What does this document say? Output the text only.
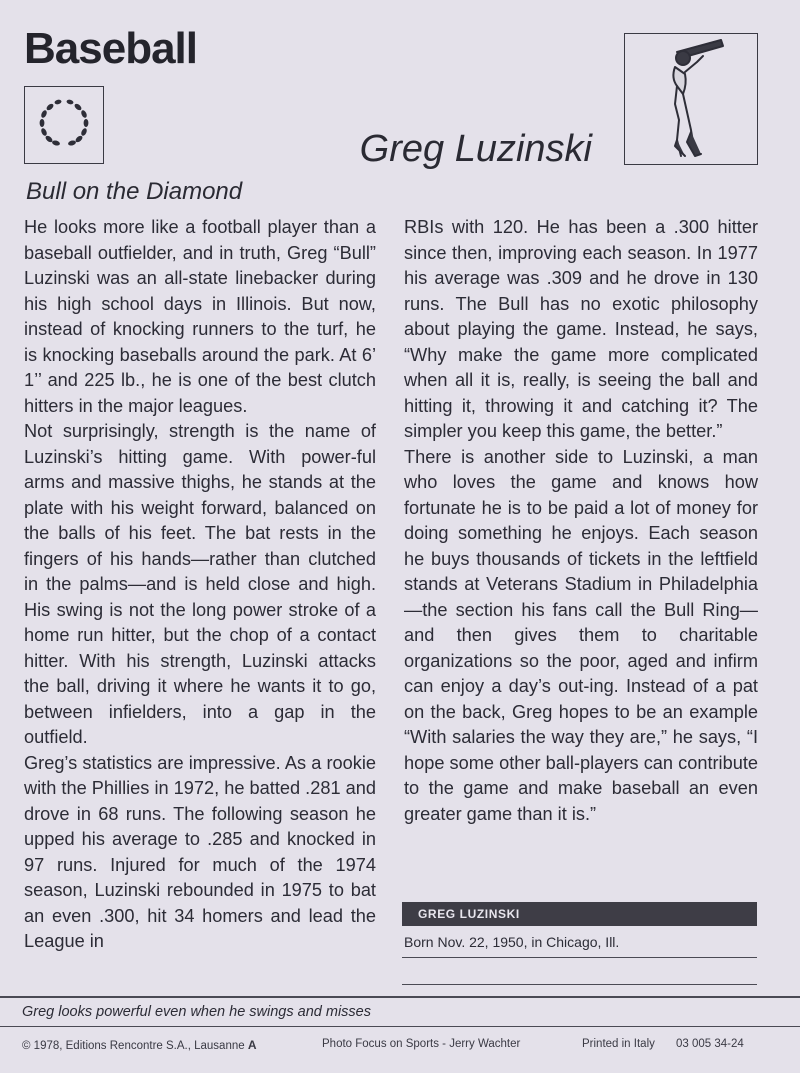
Baseball
Greg Luzinski
Bull on the Diamond

He looks more like a football player than a baseball outfielder, and in truth, Greg “Bull” Luzinski was an all-state linebacker during his high school days in Illinois. But now, instead of knocking runners to the turf, he is knocking baseballs around the park. At 6’ 1’’ and 225 lb., he is one of the best clutch hitters in the major leagues.

Not surprisingly, strength is the name of Luzinski’s hitting game. With power-ful arms and massive thighs, he stands at the plate with his weight forward, balanced on the balls of his feet. The bat rests in the fingers of his hands—rather than clutched in the palms—and is held close and high. His swing is not the long power stroke of a home run hitter, but the chop of a contact hitter. With his strength, Luzinski attacks the ball, driving it where he wants it to go, between infielders, into a gap in the outfield.

Greg’s statistics are impressive. As a rookie with the Phillies in 1972, he batted .281 and drove in 68 runs. The following season he upped his average to .285 and knocked in 97 runs. Injured for much of the 1974 season, Luzinski rebounded in 1975 to bat an even .300, hit 34 homers and lead the League in

RBIs with 120. He has been a .300 hitter since then, improving each season. In 1977 his average was .309 and he drove in 130 runs. The Bull has no exotic philosophy about playing the game. Instead, he says, “Why make the game more complicated when all it is, really, is seeing the ball and hitting it, throwing it and catching it? The simpler you keep this game, the better.”

There is another side to Luzinski, a man who loves the game and knows how fortunate he is to be paid a lot of money for doing something he enjoys. Each season he buys thousands of tickets in the leftfield stands at Veterans Stadium in Philadelphia—the section his fans call the Bull Ring—and then gives them to charitable organizations so the poor, aged and infirm can enjoy a day’s out-ing. Instead of a pat on the back, Greg hopes to be an example “With salaries the way they are,” he says, “I hope some other ball-players can contribute to the game and make baseball an even greater game than it is.”

GREG LUZINSKI
Born Nov. 22, 1950, in Chicago, Ill.
Greg looks powerful even when he swings and misses
© 1978, Editions Rencontre S.A., Lausanne A	Photo Focus on Sports - Jerry Wachter	Printed in Italy 03 005 34-24
